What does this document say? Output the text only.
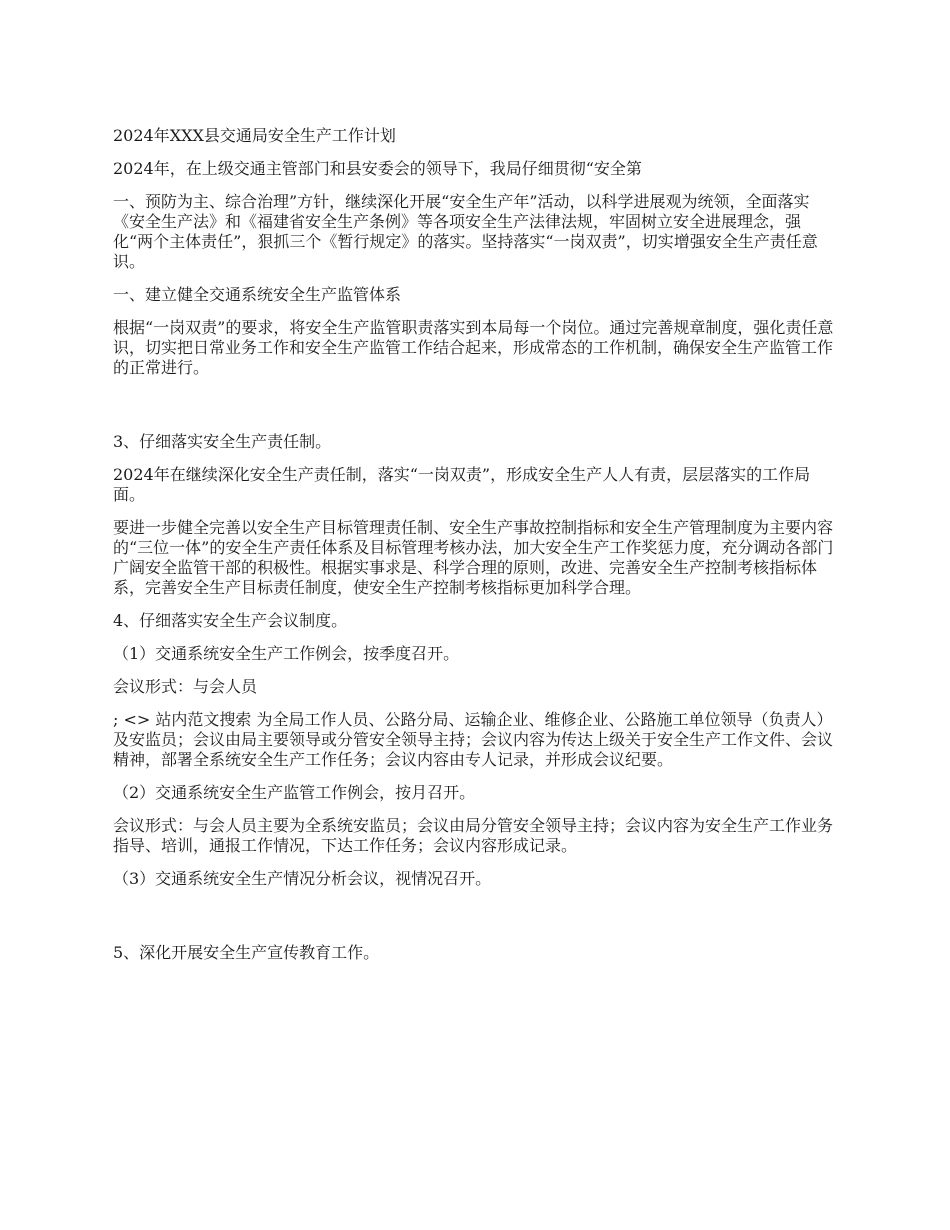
2024年XXX县交通局安全生产工作计划

2024年，在上级交通主管部门和县安委会的领导下，我局仔细贯彻“安全第

一、预防为主、综合治理”方针，继续深化开展“安全生产年”活动，以科学进展观为统领，全面落实《安全生产法》和《福建省安全生产条例》等各项安全生产法律法规，牢固树立安全进展理念，强化“两个主体责任”，狠抓三个《暂行规定》的落实。坚持落实“一岗双责”，切实增强安全生产责任意识。

一、建立健全交通系统安全生产监管体系

根据“一岗双责”的要求，将安全生产监管职责落实到本局每一个岗位。通过完善规章制度，强化责任意识，切实把日常业务工作和安全生产监管工作结合起来，形成常态的工作机制，确保安全生产监管工作的正常进行。

3、仔细落实安全生产责任制。

2024年在继续深化安全生产责任制，落实“一岗双责”，形成安全生产人人有责，层层落实的工作局面。

要进一步健全完善以安全生产目标管理责任制、安全生产事故控制指标和安全生产管理制度为主要内容的“三位一体”的安全生产责任体系及目标管理考核办法，加大安全生产工作奖惩力度，充分调动各部门广阔安全监管干部的积极性。根据实事求是、科学合理的原则，改进、完善安全生产控制考核指标体系，完善安全生产目标责任制度，使安全生产控制考核指标更加科学合理。

4、仔细落实安全生产会议制度。

（1）交通系统安全生产工作例会，按季度召开。

会议形式：与会人员

; <> 站内范文搜索 为全局工作人员、公路分局、运输企业、维修企业、公路施工单位领导（负责人）及安监员；会议由局主要领导或分管安全领导主持；会议内容为传达上级关于安全生产工作文件、会议精神，部署全系统安全生产工作任务；会议内容由专人记录，并形成会议纪要。

（2）交通系统安全生产监管工作例会，按月召开。

会议形式：与会人员主要为全系统安监员；会议由局分管安全领导主持；会议内容为安全生产工作业务指导、培训，通报工作情况，下达工作任务；会议内容形成记录。

（3）交通系统安全生产情况分析会议，视情况召开。

5、深化开展安全生产宣传教育工作。
